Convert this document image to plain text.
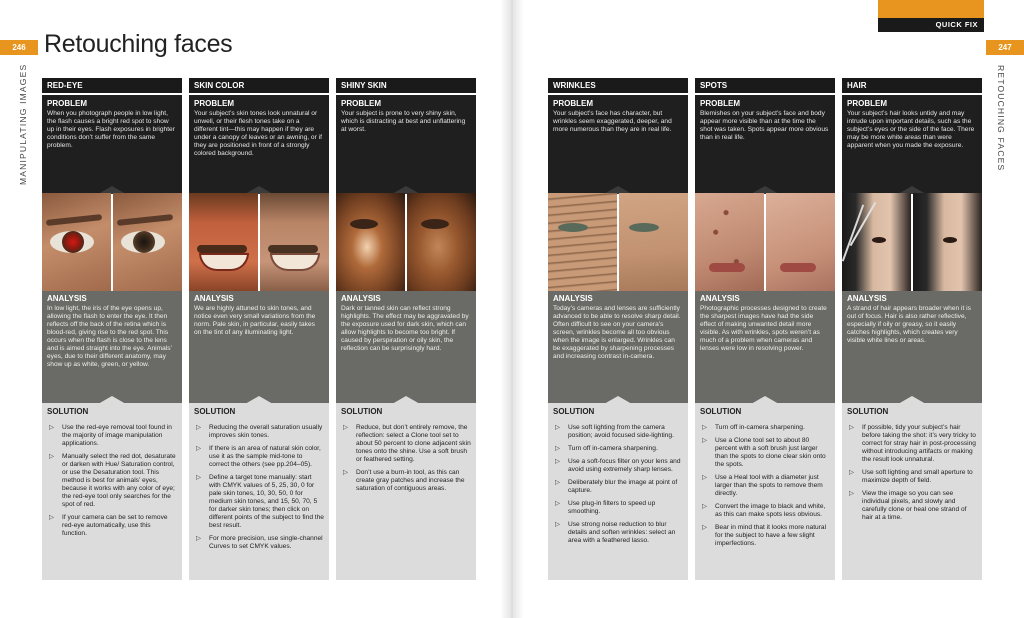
246	247
Retouching faces
QUICK FIX
MANIPULATING IMAGES	RETOUCHING FACES
RED-EYE
PROBLEM
When you photograph people in low light, the flash causes a bright red spot to show up in their eyes. Flash exposures in brighter conditions don’t suffer from the same problem.
ANALYSIS
In low light, the iris of the eye opens up, allowing the flash to enter the eye. It then reflects off the back of the retina which is blood-red, giving rise to the red spot. This occurs when the flash is close to the lens and is aimed straight into the eye. Animals’ eyes, due to their different anatomy, may show up as white, green, or yellow.
SOLUTION
▷ Use the red-eye removal tool found in the majority of image manipulation applications.
▷ Manually select the red dot, desaturate or darken with Hue/ Saturation control, or use the Desaturation tool. This method is best for animals’ eyes, because it works with any color of eye; the red-eye tool only searches for the spot of red.
▷ If your camera can be set to remove red-eye automatically, use this function.
SKIN COLOR
PROBLEM
Your subject’s skin tones look unnatural or unwell, or their flesh tones take on a different tint—this may happen if they are under a canopy of leaves or an awning, or if they are positioned in front of a strongly colored background.
ANALYSIS
We are highly attuned to skin tones, and notice even very small variations from the norm. Pale skin, in particular, easily takes on the tint of any illuminating light.
SOLUTION
▷ Reducing the overall saturation usually improves skin tones.
▷ If there is an area of natural skin color, use it as the sample mid-tone to correct the others (see pp.204–05).
▷ Define a target tone manually: start with CMYK values of 5, 25, 30, 0 for pale skin tones, 10, 30, 50, 0 for medium skin tones, and 15, 50, 70, 5 for darker skin tones; then click on different points of the subject to find the best result.
▷ For more precision, use single-channel Curves to set CMYK values.
SHINY SKIN
PROBLEM
Your subject is prone to very shiny skin, which is distracting at best and unflattering at worst.
ANALYSIS
Dark or tanned skin can reflect strong highlights. The effect may be aggravated by the exposure used for dark skin, which can allow highlights to become too bright. If caused by perspiration or oily skin, the reflection can be surprisingly hard.
SOLUTION
▷ Reduce, but don’t entirely remove, the reflection: select a Clone tool set to about 50 percent to clone adjacent skin tones onto the shine. Use a soft brush or feathered setting.
▷ Don’t use a burn-in tool, as this can create gray patches and increase the saturation of contiguous areas.
WRINKLES
PROBLEM
Your subject’s face has character, but wrinkles seem exaggerated, deeper, and more numerous than they are in real life.
ANALYSIS
Today’s cameras and lenses are sufficiently advanced to be able to resolve sharp detail. Often difficult to see on your camera’s screen, wrinkles become all too obvious when the image is enlarged. Wrinkles can be exaggerated by sharpening processes and increasing contrast in-camera.
SOLUTION
▷ Use soft lighting from the camera position; avoid focused side-lighting.
▷ Turn off in-camera sharpening.
▷ Use a soft-focus filter on your lens and avoid using extremely sharp lenses.
▷ Deliberately blur the image at point of capture.
▷ Use plug-in filters to speed up smoothing.
▷ Use strong noise reduction to blur details and soften wrinkles: select an area with a feathered lasso.
SPOTS
PROBLEM
Blemishes on your subject’s face and body appear more visible than at the time the shot was taken. Spots appear more obvious than in real life.
ANALYSIS
Photographic processes designed to create the sharpest images have had the side effect of making unwanted detail more visible. As with wrinkles, spots weren’t as much of a problem when cameras and lenses were low in resolving power.
SOLUTION
▷ Turn off in-camera sharpening.
▷ Use a Clone tool set to about 80 percent with a soft brush just larger than the spots to clone clear skin onto the spots.
▷ Use a Heal tool with a diameter just larger than the spots to remove them directly.
▷ Convert the image to black and white, as this can make spots less obvious.
▷ Bear in mind that it looks more natural for the subject to have a few slight imperfections.
HAIR
PROBLEM
Your subject’s hair looks untidy and may intrude upon important details, such as the subject’s eyes or the side of the face. There may be more white areas than were apparent when you made the exposure.
ANALYSIS
A strand of hair appears broader when it is out of focus. Hair is also rather reflective, especially if oily or greasy, so it easily catches highlights, which creates very visible white lines or areas.
SOLUTION
▷ If possible, tidy your subject’s hair before taking the shot: it’s very tricky to correct for stray hair in post-processing without introducing artifacts or making the result look unnatural.
▷ Use soft lighting and small aperture to maximize depth of field.
▷ View the image so you can see individual pixels, and slowly and carefully clone or heal one strand of hair at a time.
